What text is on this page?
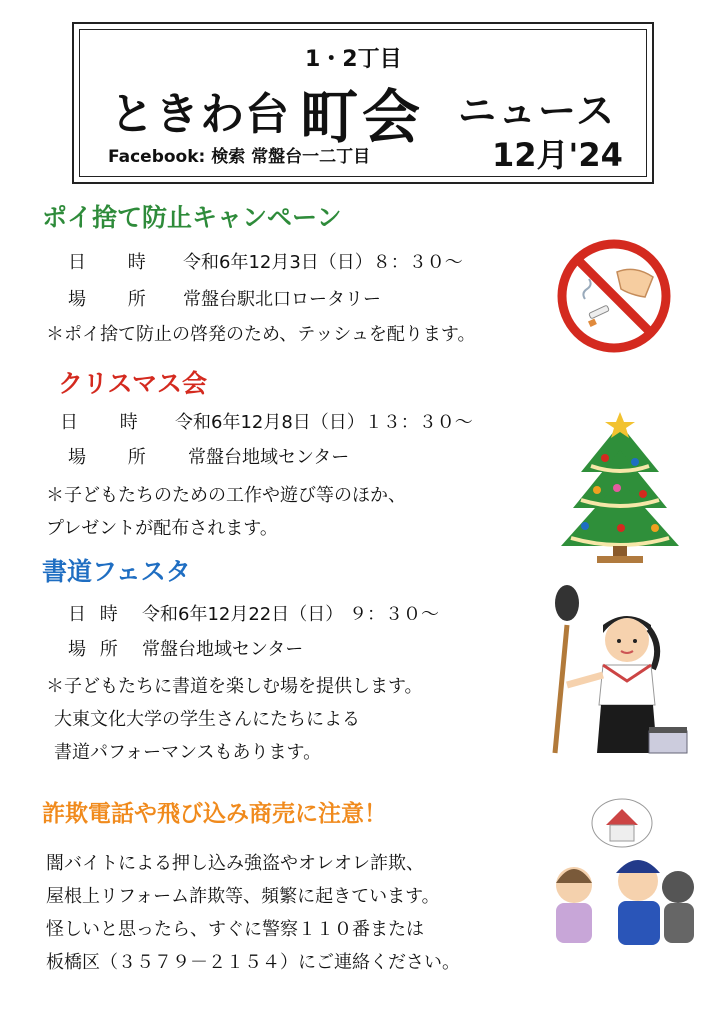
ときわ台
1・2丁目
町会 ニュース
Facebook: 検索 常盤台一二丁目	12月'24
ポイ捨て防止キャンペーン
日　 時 令和6年12月3日（日）８：３０～
場　 所 常盤台駅北口ロータリー
＊ポイ捨て防止の啓発のため、テッシュを配ります。
クリスマス会
日　 時 令和6年12月8日（日）１３：３０～
場　 所 常盤台地域センター
＊子どもたちのための工作や遊び等のほか、
プレゼントが配布されます。
書道フェスタ
日 時 令和6年12月22日（日） ９：３０～
場 所 常盤台地域センター
＊子どもたちに書道を楽しむ場を提供します。
大東文化大学の学生さんにたちによる
書道パフォーマンスもあります。
詐欺電話や飛び込み商売に注意！
闇バイトによる押し込み強盗やオレオレ詐欺、
屋根上リフォーム詐欺等、頻繁に起きています。
怪しいと思ったら、すぐに警察１１０番または
板橋区（３５７９－２１５４）にご連絡ください。
